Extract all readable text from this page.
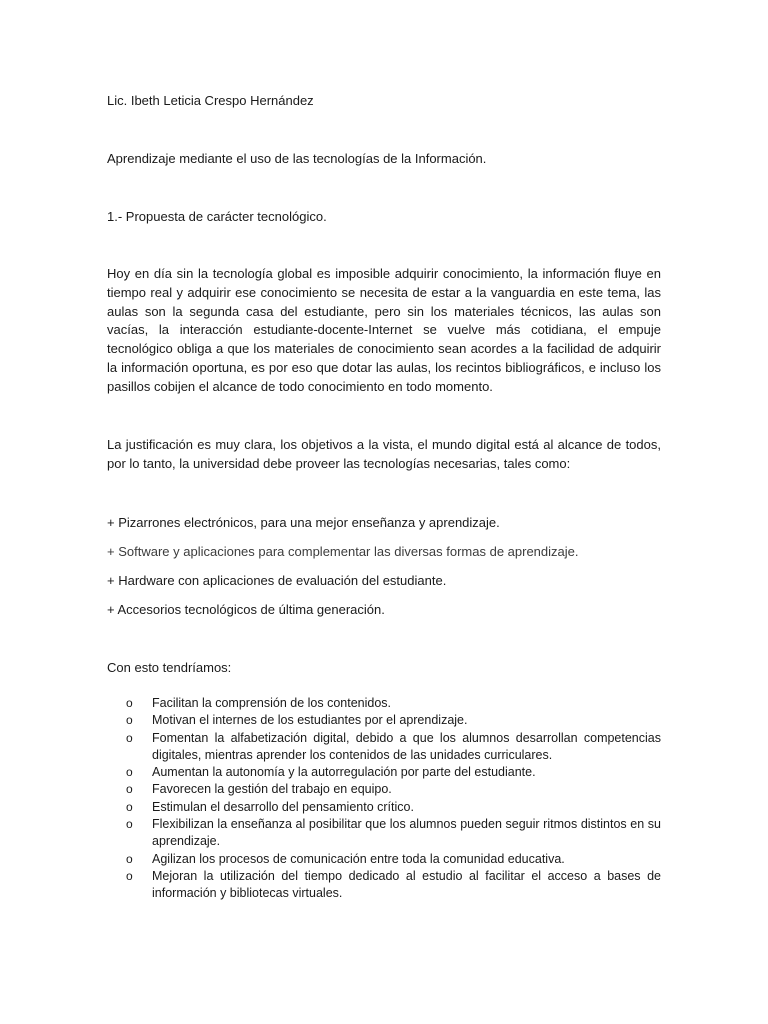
Lic. Ibeth Leticia Crespo Hernández

Aprendizaje mediante el uso de las tecnologías de la Información.

1.- Propuesta de carácter tecnológico.

Hoy en día sin la tecnología global es imposible adquirir conocimiento, la información fluye en tiempo real y adquirir ese conocimiento se necesita de estar a la vanguardia en este tema, las aulas son la segunda casa del estudiante, pero sin los materiales técnicos, las aulas son vacías, la interacción estudiante-docente-Internet se vuelve más cotidiana, el empuje tecnológico obliga a que los materiales de conocimiento sean acordes a la facilidad de adquirir la información oportuna, es por eso que dotar las aulas, los recintos bibliográficos, e incluso los pasillos cobijen el alcance de todo conocimiento en todo momento.

La justificación es muy clara, los objetivos a la vista, el mundo digital está al alcance de todos, por lo tanto, la universidad debe proveer las tecnologías necesarias, tales como:

+ Pizarrones electrónicos, para una mejor enseñanza y aprendizaje.

+ Software y aplicaciones para complementar las diversas formas de aprendizaje.

+ Hardware con aplicaciones de evaluación del estudiante.

+ Accesorios tecnológicos de última generación.

Con esto tendríamos:

o	Facilitan la comprensión de los contenidos.
o	Motivan el internes de los estudiantes por el aprendizaje.
o	Fomentan la alfabetización digital, debido a que los alumnos desarrollan competencias digitales, mientras aprender los contenidos de las unidades curriculares.
o	Aumentan la autonomía y la autorregulación por parte del estudiante.
o	Favorecen la gestión del trabajo en equipo.
o	Estimulan el desarrollo del pensamiento crítico.
o	Flexibilizan la enseñanza al posibilitar que los alumnos pueden seguir ritmos distintos en su aprendizaje.
o	Agilizan los procesos de comunicación entre toda la comunidad educativa.
o	Mejoran la utilización del tiempo dedicado al estudio al facilitar el acceso a bases de información y bibliotecas virtuales.
